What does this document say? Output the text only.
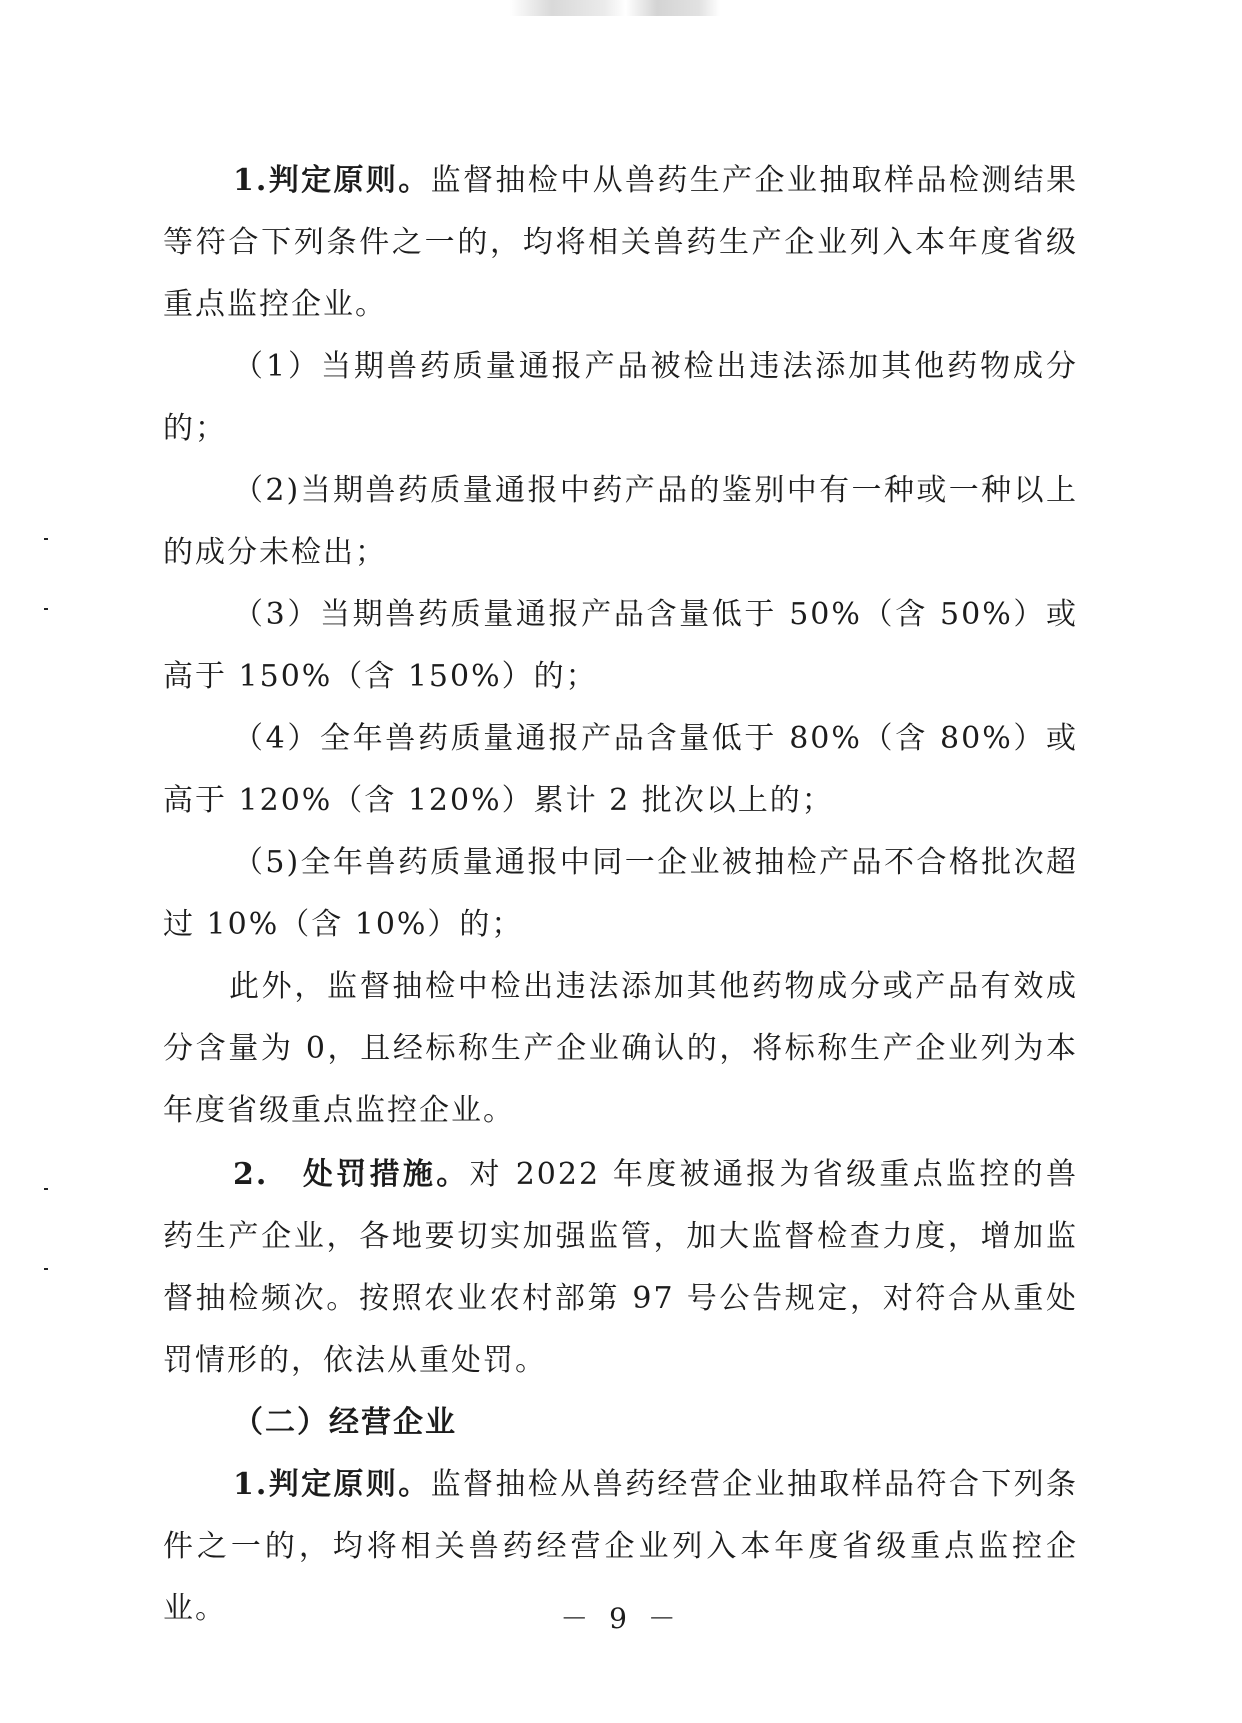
1.判定原则。监督抽检中从兽药生产企业抽取样品检测结果等符合下列条件之一的，均将相关兽药生产企业列入本年度省级重点监控企业。

（1）当期兽药质量通报产品被检出违法添加其他药物成分的；

（2)当期兽药质量通报中药产品的鉴别中有一种或一种以上的成分未检出；

（3）当期兽药质量通报产品含量低于 50%（含 50%）或高于 150%（含 150%）的；

（4）全年兽药质量通报产品含量低于 80%（含 80%）或高于 120%（含 120%）累计 2 批次以上的；

（5)全年兽药质量通报中同一企业被抽检产品不合格批次超过 10%（含 10%）的；

此外，监督抽检中检出违法添加其他药物成分或产品有效成分含量为 0，且经标称生产企业确认的，将标称生产企业列为本年度省级重点监控企业。

2.　处罚措施。对 2022 年度被通报为省级重点监控的兽药生产企业，各地要切实加强监管，加大监督检查力度，增加监督抽检频次。按照农业农村部第 97 号公告规定，对符合从重处罚情形的，依法从重处罚。

（二）经营企业

1.判定原则。监督抽检从兽药经营企业抽取样品符合下列条件之一的，均将相关兽药经营企业列入本年度省级重点监控企业。	－ 9 －
